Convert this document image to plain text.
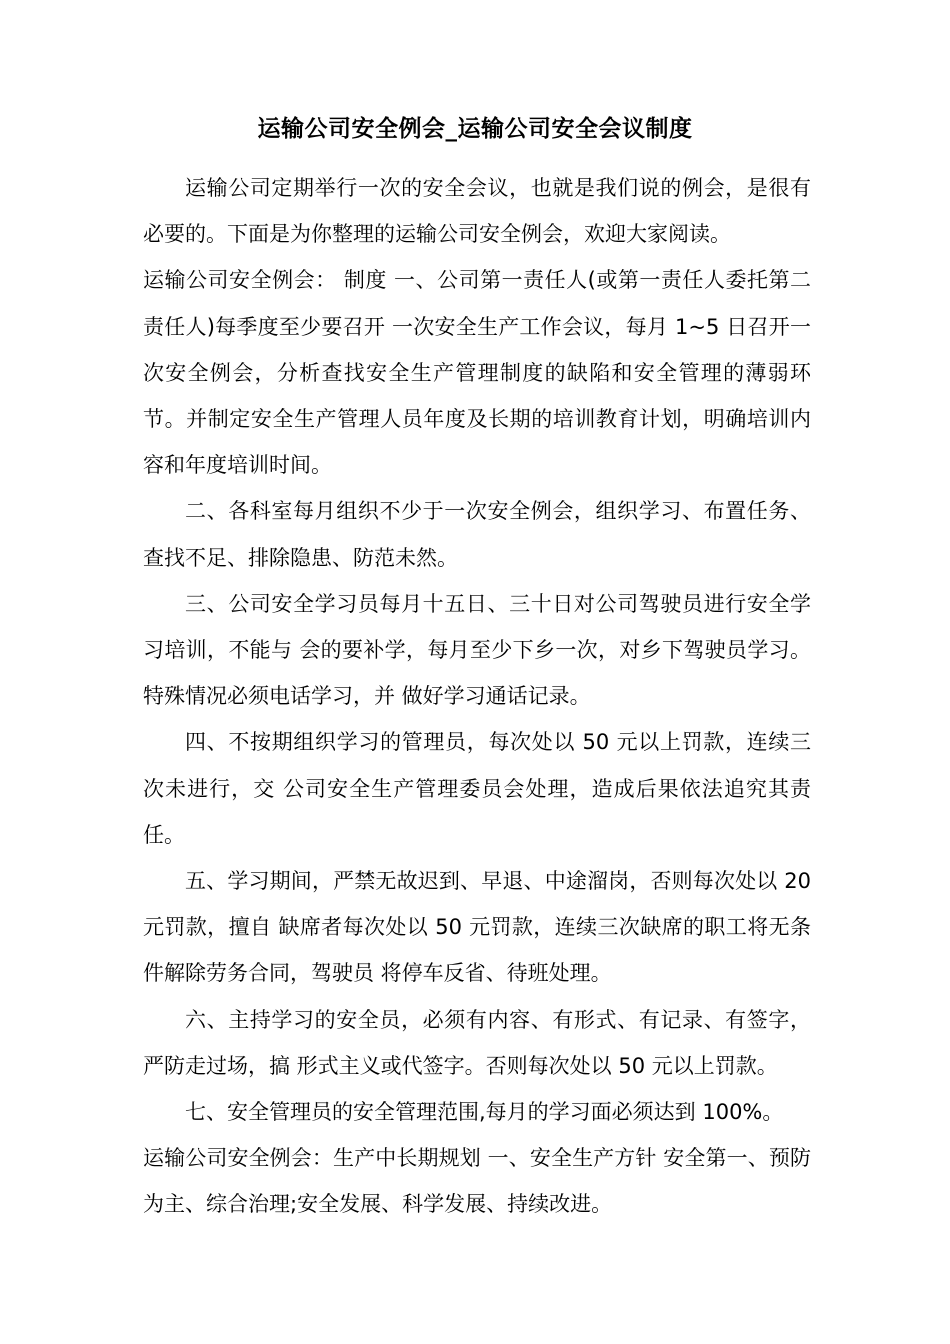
运输公司安全例会_运输公司安全会议制度

运输公司定期举行一次的安全会议，也就是我们说的例会，是很有必要的。下面是为你整理的运输公司安全例会，欢迎大家阅读。

运输公司安全例会： 制度 一、公司第一责任人(或第一责任人委托第二责任人)每季度至少要召开 一次安全生产工作会议，每月 1~5 日召开一次安全例会，分析查找安全生产管理制度的缺陷和安全管理的薄弱环节。并制定安全生产管理人员年度及长期的培训教育计划，明确培训内容和年度培训时间。

二、各科室每月组织不少于一次安全例会，组织学习、布置任务、查找不足、排除隐患、防范未然。

三、公司安全学习员每月十五日、三十日对公司驾驶员进行安全学习培训，不能与 会的要补学，每月至少下乡一次，对乡下驾驶员学习。特殊情况必须电话学习，并 做好学习通话记录。

四、不按期组织学习的管理员，每次处以 50 元以上罚款，连续三次未进行，交 公司安全生产管理委员会处理，造成后果依法追究其责任。

五、学习期间，严禁无故迟到、早退、中途溜岗，否则每次处以 20 元罚款，擅自 缺席者每次处以 50 元罚款，连续三次缺席的职工将无条件解除劳务合同，驾驶员 将停车反省、待班处理。

六、主持学习的安全员，必须有内容、有形式、有记录、有签字，严防走过场，搞 形式主义或代签字。否则每次处以 50 元以上罚款。

七、安全管理员的安全管理范围,每月的学习面必须达到 100%。

运输公司安全例会：生产中长期规划 一、安全生产方针 安全第一、预防为主、综合治理;安全发展、科学发展、持续改进。
